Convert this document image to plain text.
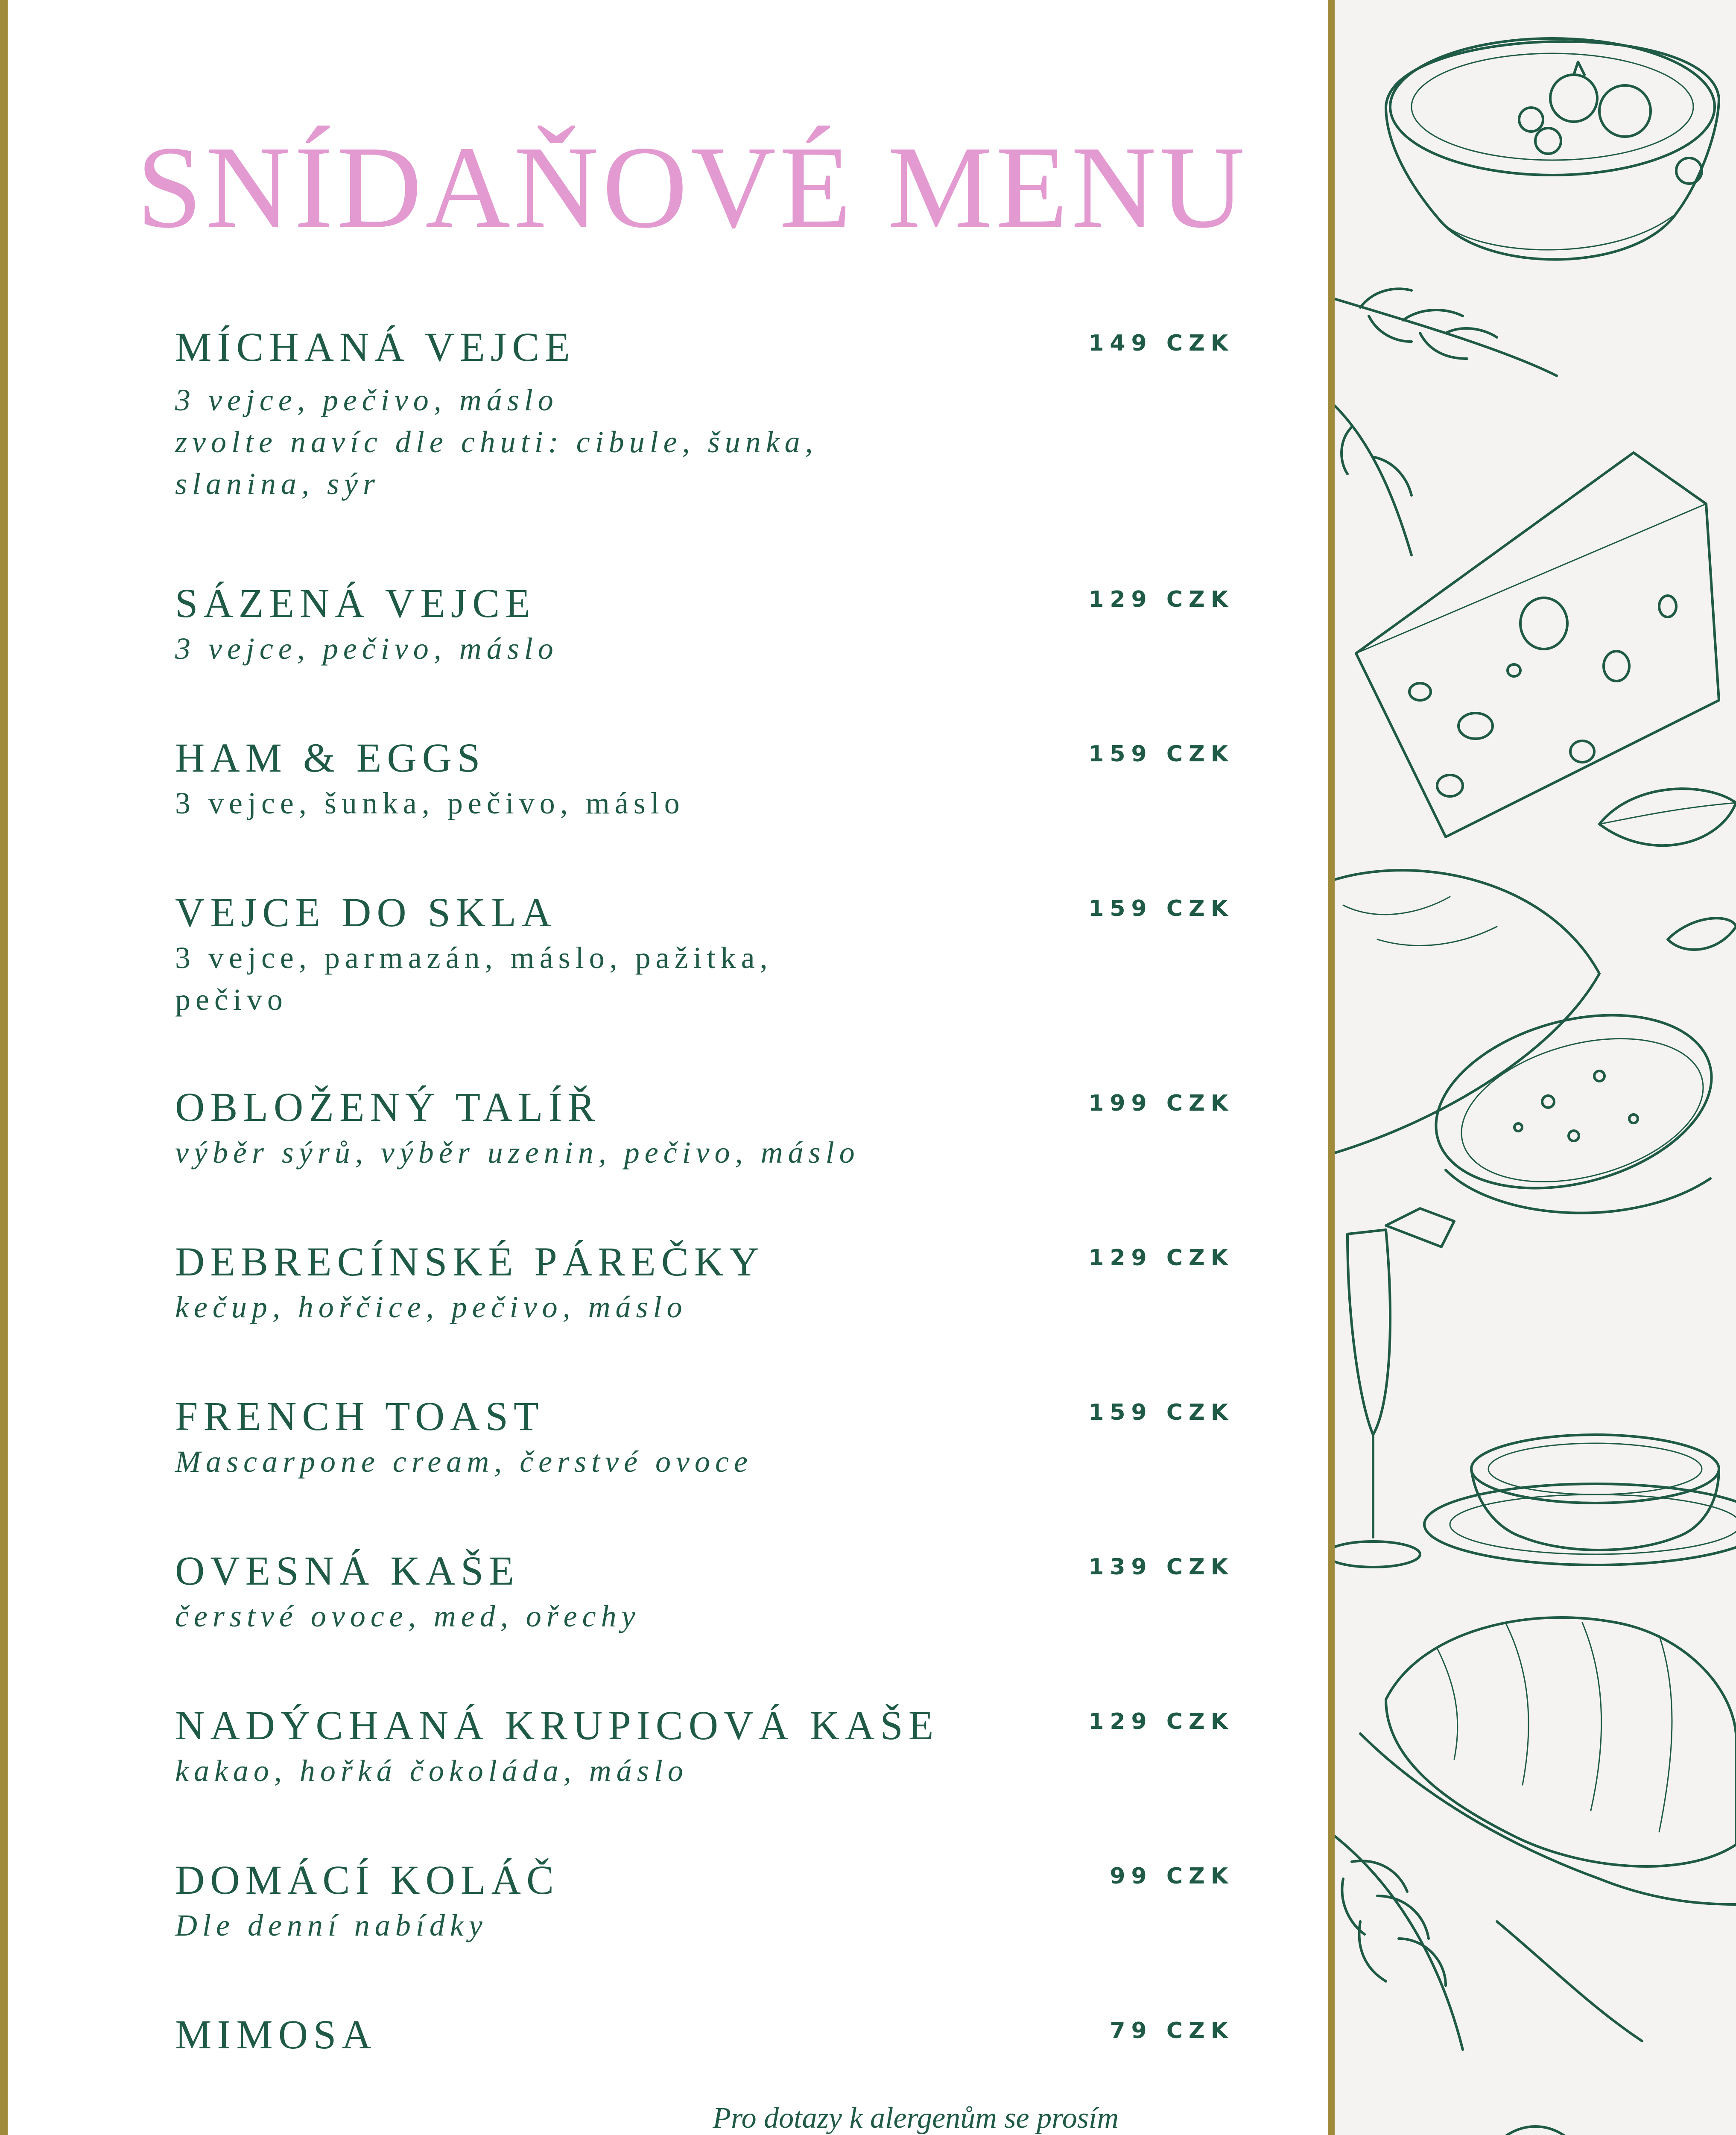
SNÍDAŇOVÉ MENU
MÍCHANÁ VEJCE	149 CZK
3 vejce, pečivo, máslo
zvolte navíc dle chuti: cibule, šunka,
slanina, sýr
SÁZENÁ VEJCE	129 CZK
3 vejce, pečivo, máslo
HAM & EGGS	159 CZK
3 vejce, šunka, pečivo, máslo
VEJCE DO SKLA	159 CZK
3 vejce, parmazán, máslo, pažitka,
pečivo
OBLOŽENÝ TALÍŘ	199 CZK
výběr sýrů, výběr uzenin, pečivo, máslo
DEBRECÍNSKÉ PÁREČKY	129 CZK
kečup, hořčice, pečivo, máslo
FRENCH TOAST	159 CZK
Mascarpone cream, čerstvé ovoce
OVESNÁ KAŠE	139 CZK
čerstvé ovoce, med, ořechy
NADÝCHANÁ KRUPICOVÁ KAŠE	129 CZK
kakao, hořká čokoláda, máslo
DOMÁCÍ KOLÁČ	99 CZK
Dle denní nabídky
MIMOSA	79 CZK
Pro dotazy k alergenům se prosím
